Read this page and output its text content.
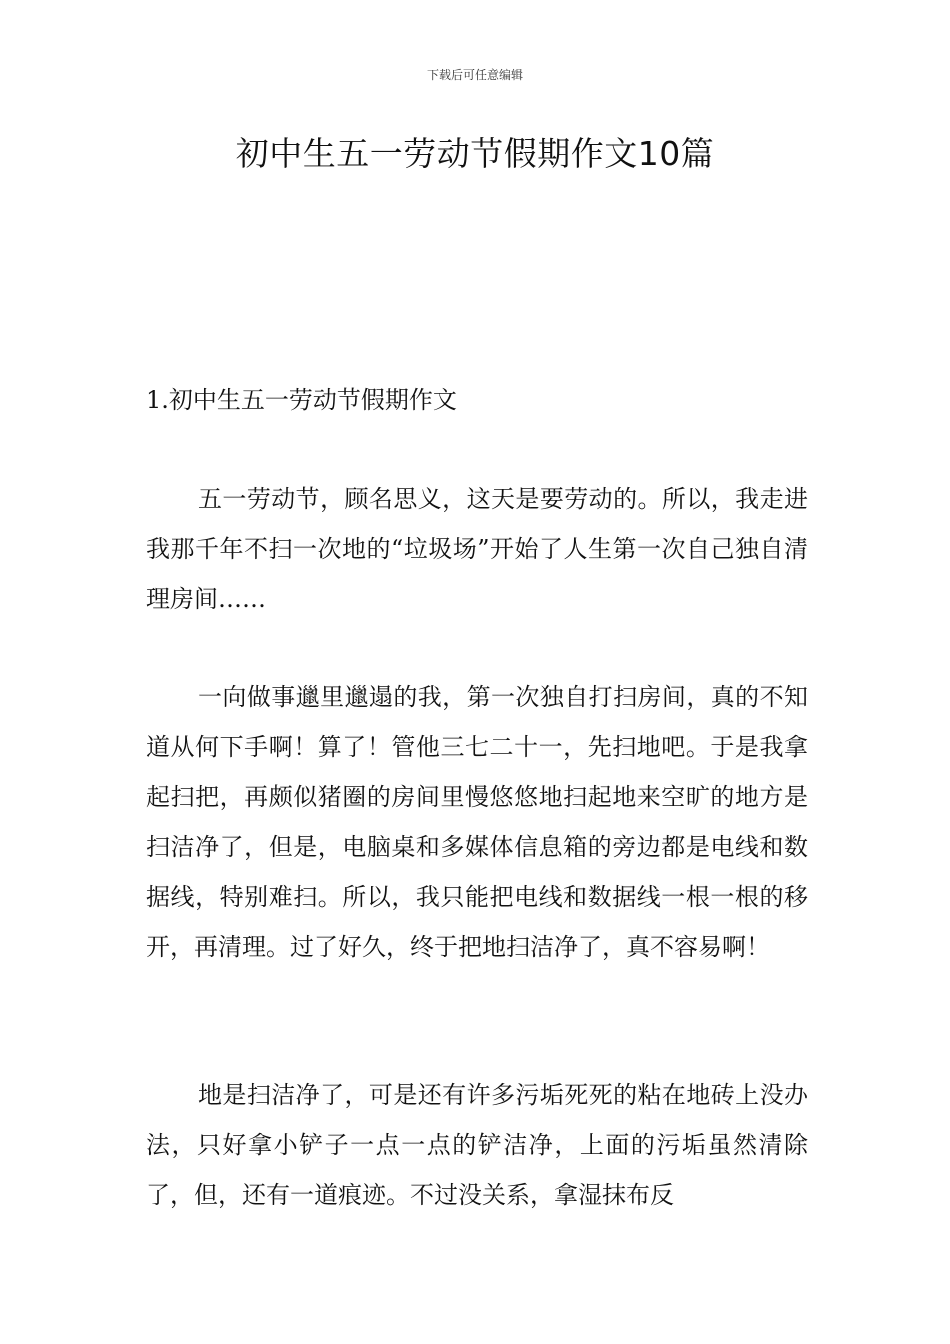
下载后可任意编辑
初中生五一劳动节假期作文10篇
1.初中生五一劳动节假期作文

五一劳动节，顾名思义，这天是要劳动的。所以，我走进我那千年不扫一次地的“垃圾场”开始了人生第一次自己独自清理房间……

一向做事邋里邋遢的我，第一次独自打扫房间，真的不知道从何下手啊！算了！管他三七二十一，先扫地吧。于是我拿起扫把，再颇似猪圈的房间里慢悠悠地扫起地来空旷的地方是扫洁净了，但是，电脑桌和多媒体信息箱的旁边都是电线和数据线，特别难扫。所以，我只能把电线和数据线一根一根的移开，再清理。过了好久，终于把地扫洁净了，真不容易啊！

地是扫洁净了，可是还有许多污垢死死的粘在地砖上没办法，只好拿小铲子一点一点的铲洁净，上面的污垢虽然清除了，但，还有一道痕迹。不过没关系，拿湿抹布反
